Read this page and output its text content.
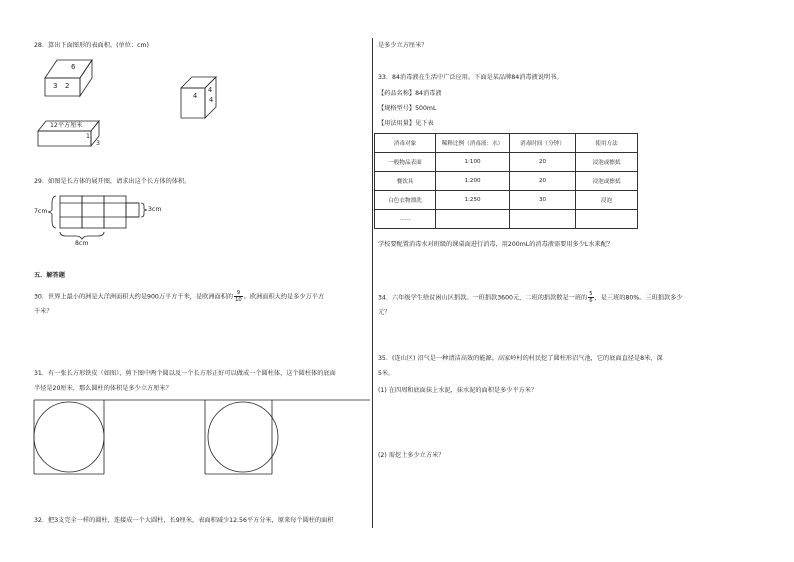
28．算出下面图形的表面积。(单位：cm)
6
3 2
4
4
4
12平方厘米
1
3
29．如图是长方体的展开图，请求出这个长方体的体积。
7cm	3cm
8cm
五．解答题
30．世界上最小的洲是大洋洲面积大约是900万平方千米，是欧洲面积的 $\frac{9}{10}$ 。欧洲面积大约是多少万平方
千米？
31．有一张长方形铁皮（如图），剪下图中两个圆以及一个长方形正好可以做成一个圆柱体，这个圆柱体的底面
半径是20厘米，那么圆柱的体积是多少立方厘米？
32．把3支完全一样的圆柱，连接成一个大圆柱，长9厘米，表面积减少12.56平方分米，原来每个圆柱的面积
是多少立方厘米？
33．84消毒液在生活中广泛应用。下面是某品牌84消毒液说明书。
【药品名称】84消毒液
【规格型号】500mL
【用法用量】见下表
消毒对象	稀释比例（消毒液：水）	消毒时间（分钟）	使用方法
一般物品表面	1:100	20	浸泡或擦拭
餐饮具	1:200	20	浸泡或擦拭
白色衣物漂洗	1:250	30	浸泡
……			
学校要配置消毒水对班级的课桌面进行消毒，用200mL的消毒液需要用多少L水来配？
34．六年级学生给贫困山区捐款。一班捐款3600元，二班的捐款数是一班的 $\frac{5}{6}$ ，是三班的80%。三班捐款多少
元？
35．(连山区) 沼气是一种清洁高效的能源。高家岭村的村民挖了圆柱形沼气池，它的底面直径是8米，深
5米。
(1) 在四周和底面抹上水泥，抹水泥的面积是多少平方米？
(2) 需挖土多少立方米？
